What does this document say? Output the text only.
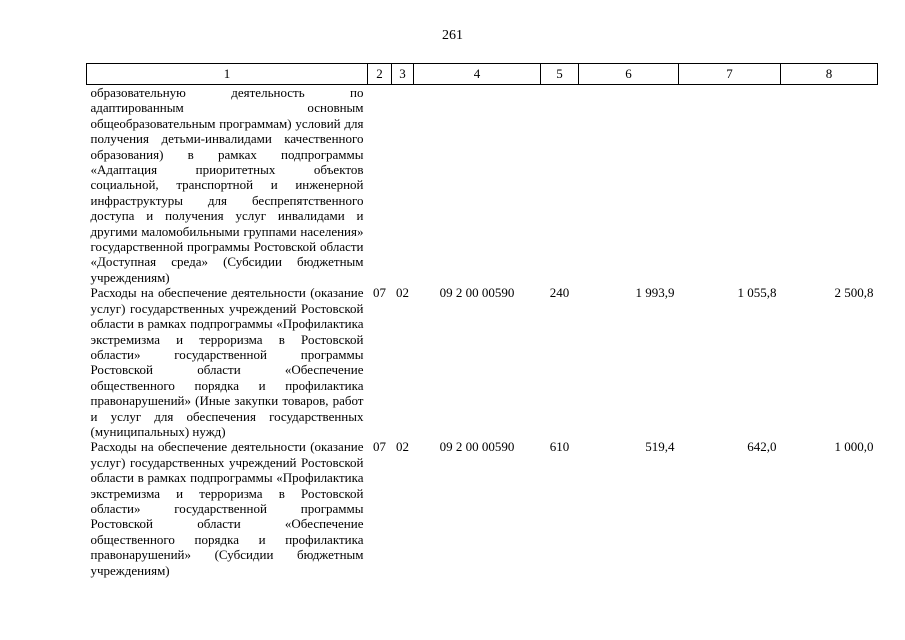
261
1	2	3	4	5	6	7	8

образовательную деятельность по адаптированным основным общеобразовательным программам) условий для получения детьми-инвалидами качественного образования) в рамках подпрограммы «Адаптация приоритетных объектов социальной, транспортной и инженерной инфраструктуры для беспрепятственного доступа и получения услуг инвалидами и другими маломобильными группами населения» государственной программы Ростовской области «Доступная среда» (Субсидии бюджетным учреждениям)							

Расходы на обеспечение деятельности (оказание услуг) государственных учреждений Ростовской области в рамках подпрограммы «Профилактика экстремизма и терроризма в Ростовской области» государственной программы Ростовской области «Обеспечение общественного порядка и профилактика правонарушений» (Иные закупки товаров, работ и услуг для обеспечения государственных (муниципальных) нужд)	07	02	09 2 00 00590	240	1 993,9	1 055,8	2 500,8

Расходы на обеспечение деятельности (оказание услуг) государственных учреждений Ростовской области в рамках подпрограммы «Профилактика экстремизма и терроризма в Ростовской области» государственной программы Ростовской области «Обеспечение общественного порядка и профилактика правонарушений» (Субсидии бюджетным учреждениям)	07	02	09 2 00 00590	610	519,4	642,0	1 000,0
